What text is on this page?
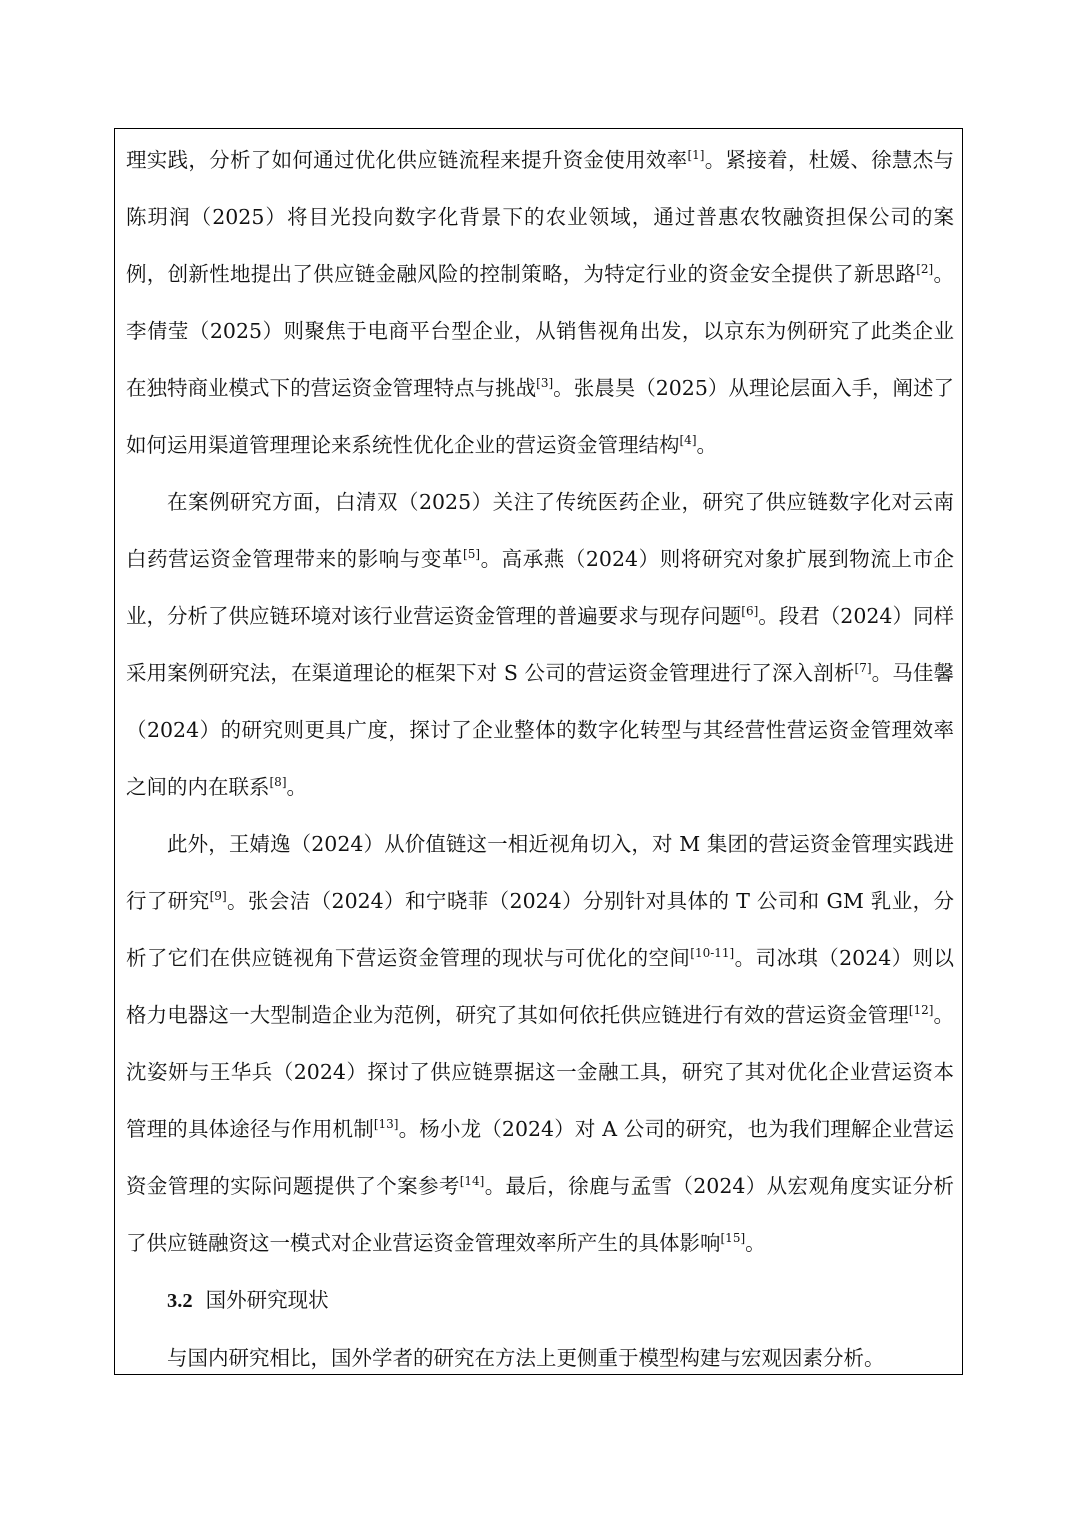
理实践，分析了如何通过优化供应链流程来提升资金使用效率[1]。紧接着，杜媛、徐慧杰与陈玥润（2025）将目光投向数字化背景下的农业领域，通过普惠农牧融资担保公司的案例，创新性地提出了供应链金融风险的控制策略，为特定行业的资金安全提供了新思路[2]。李倩莹（2025）则聚焦于电商平台型企业，从销售视角出发，以京东为例研究了此类企业在独特商业模式下的营运资金管理特点与挑战[3]。张晨昊（2025）从理论层面入手，阐述了如何运用渠道管理理论来系统性优化企业的营运资金管理结构[4]。

在案例研究方面，白清双（2025）关注了传统医药企业，研究了供应链数字化对云南白药营运资金管理带来的影响与变革[5]。高承燕（2024）则将研究对象扩展到物流上市企业，分析了供应链环境对该行业营运资金管理的普遍要求与现存问题[6]。段君（2024）同样采用案例研究法，在渠道理论的框架下对 S 公司的营运资金管理进行了深入剖析[7]。马佳馨（2024）的研究则更具广度，探讨了企业整体的数字化转型与其经营性营运资金管理效率之间的内在联系[8]。

此外，王婧逸（2024）从价值链这一相近视角切入，对 M 集团的营运资金管理实践进行了研究[9]。张会洁（2024）和宁晓菲（2024）分别针对具体的 T 公司和 GM 乳业，分析了它们在供应链视角下营运资金管理的现状与可优化的空间[10-11]。司冰琪（2024）则以格力电器这一大型制造企业为范例，研究了其如何依托供应链进行有效的营运资金管理[12]。沈姿妍与王华兵（2024）探讨了供应链票据这一金融工具，研究了其对优化企业营运资本管理的具体途径与作用机制[13]。杨小龙（2024）对 A 公司的研究，也为我们理解企业营运资金管理的实际问题提供了个案参考[14]。最后，徐鹿与孟雪（2024）从宏观角度实证分析了供应链融资这一模式对企业营运资金管理效率所产生的具体影响[15]。

3.2 国外研究现状

与国内研究相比，国外学者的研究在方法上更侧重于模型构建与宏观因素分析。
